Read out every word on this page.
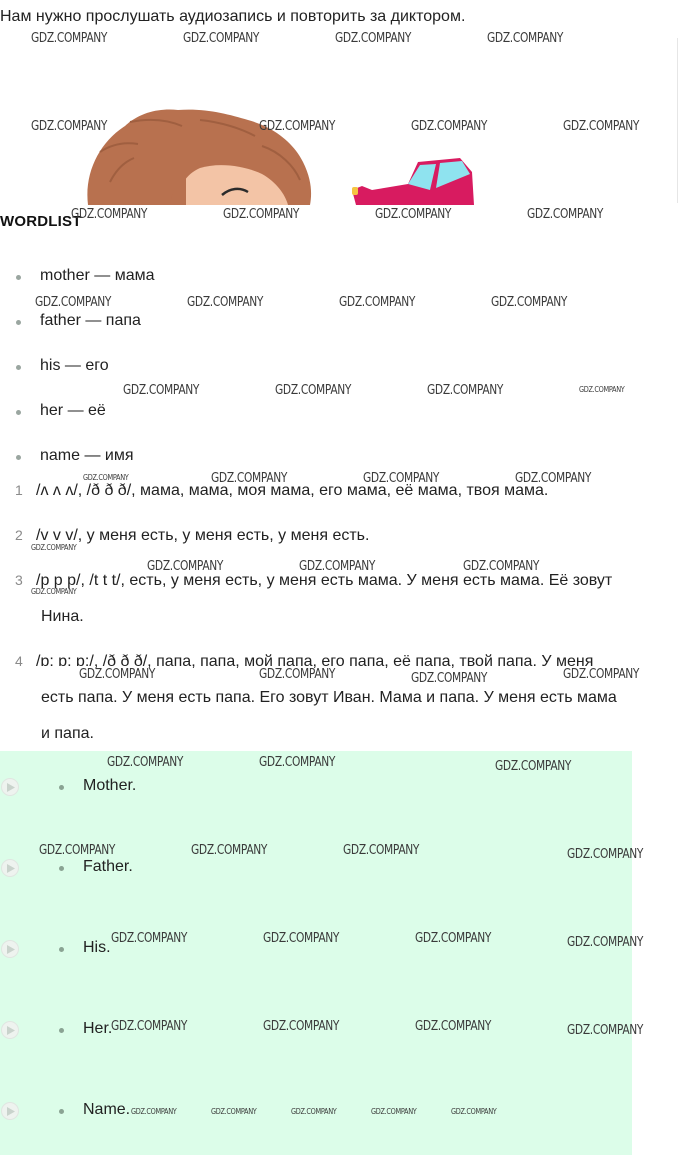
Нам нужно прослушать аудиозапись и повторить за диктором.
WORDLIST
mother — мама
father — папа
his — его
her — её
name — имя
1 /ʌ ʌ ʌ/, /ð ð ð/, мама, мама, моя мама, его мама, её мама, твоя мама.
2 /v v v/, у меня есть, у меня есть, у меня есть.
3 /p p p/, /t t t/, есть, у меня есть, у меня есть мама. У меня есть мама. Её зовут
Нина.
4 /ɒ: ɒ: ɒ:/, /ð ð ð/, папа, папа, мой папа, его папа, её папа, твой папа. У меня
есть папа. У меня есть папа. Его зовут Иван. Мама и папа. У меня есть мама
и папа.
Mother.
Father.
His.
Her.
Name.
GDZ.COMPANY	GDZ.COMPANY	GDZ.COMPANY	GDZ.COMPANY
GDZ.COMPANY	GDZ.COMPANY	GDZ.COMPANY	GDZ.COMPANY
GDZ.COMPANY	GDZ.COMPANY	GDZ.COMPANY	GDZ.COMPANY
GDZ.COMPANY	GDZ.COMPANY	GDZ.COMPANY	GDZ.COMPANY
GDZ.COMPANY	GDZ.COMPANY	GDZ.COMPANY	GDZ.COMPANY
GDZ.COMPANY	GDZ.COMPANY	GDZ.COMPANY	GDZ.COMPANY
GDZ.COMPANY
GDZ.COMPANY	GDZ.COMPANY	GDZ.COMPANY
GDZ.COMPANY
GDZ.COMPANY	GDZ.COMPANY	GDZ.COMPANY	GDZ.COMPANY
GDZ.COMPANY	GDZ.COMPANY	GDZ.COMPANY
GDZ.COMPANY	GDZ.COMPANY	GDZ.COMPANY	GDZ.COMPANY
GDZ.COMPANY	GDZ.COMPANY	GDZ.COMPANY	GDZ.COMPANY
GDZ.COMPANY	GDZ.COMPANY	GDZ.COMPANY	GDZ.COMPANY
GDZ.COMPANY	GDZ.COMPANY	GDZ.COMPANY	GDZ.COMPANY	GDZ.COMPANY
